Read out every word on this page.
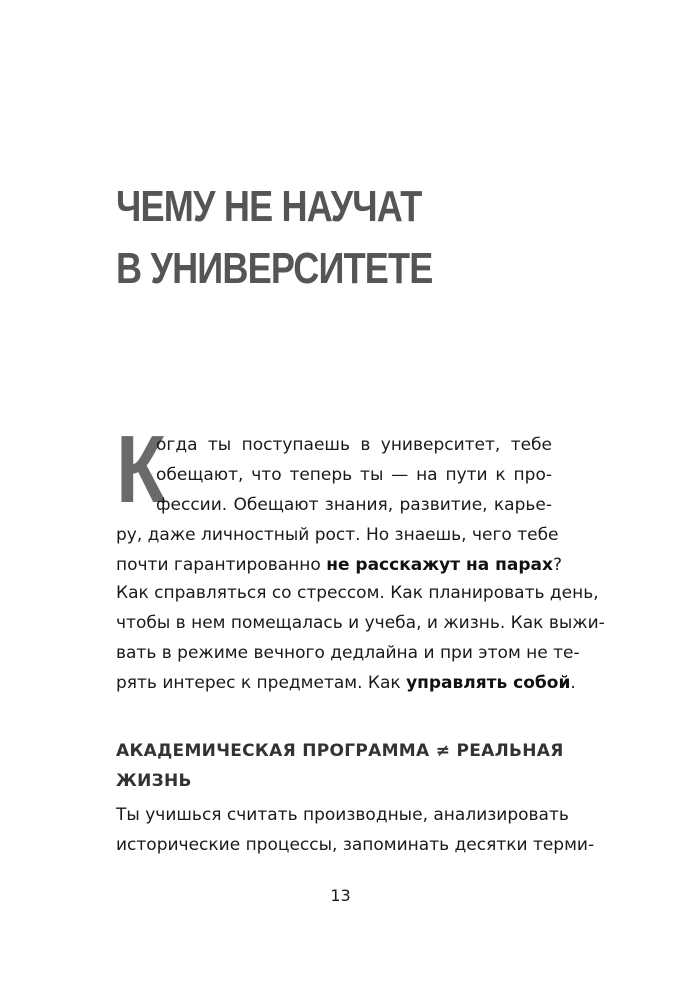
ЧЕМУ НЕ НАУЧАТ
В УНИВЕРСИТЕТЕ
К
огда ты поступаешь в университет, тебе
обещают, что теперь ты — на пути к про-
фессии. Обещают знания, развитие, карье-
ру, даже личностный рост. Но знаешь, чего тебе
почти гарантированно не расскажут на парах?
Как справляться со стрессом. Как планировать день,
чтобы в нем помещалась и учеба, и жизнь. Как выжи-
вать в режиме вечного дедлайна и при этом не те-
рять интерес к предметам. Как управлять собой.
АКАДЕМИЧЕСКАЯ ПРОГРАММА ≠ РЕАЛЬНАЯ
ЖИЗНЬ
Ты учишься считать производные, анализировать
исторические процессы, запоминать десятки терми-
13
